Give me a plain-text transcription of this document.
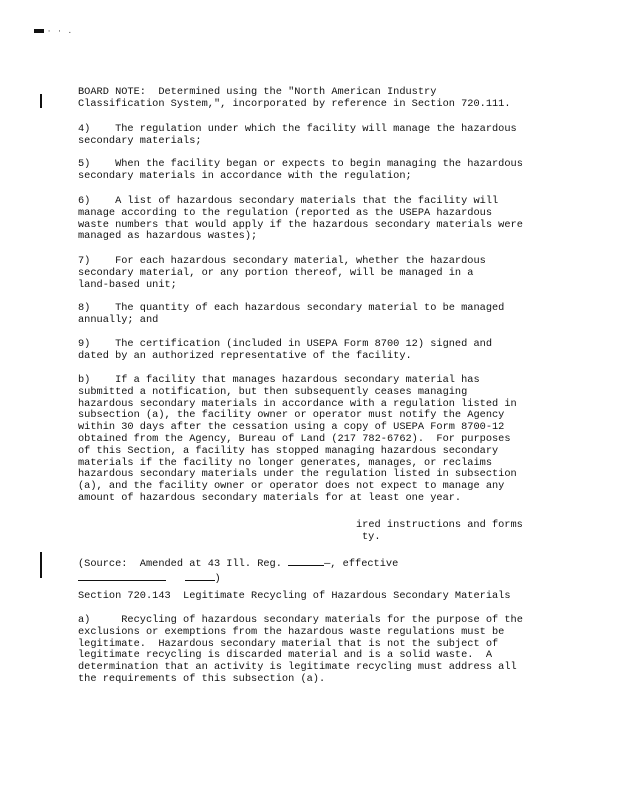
· · .
BOARD NOTE:  Determined using the "North American Industry
Classification System,", incorporated by reference in Section 720.111.
4)    The regulation under which the facility will manage the hazardous
secondary materials;
5)    When the facility began or expects to begin managing the hazardous
secondary materials in accordance with the regulation;
6)    A list of hazardous secondary materials that the facility will
manage according to the regulation (reported as the USEPA hazardous
waste numbers that would apply if the hazardous secondary materials were
managed as hazardous wastes);
7)    For each hazardous secondary material, whether the hazardous
secondary material, or any portion thereof, will be managed in a
land-based unit;
8)    The quantity of each hazardous secondary material to be managed
annually; and
9)    The certification (included in USEPA Form 8700 12) signed and
dated by an authorized representative of the facility.
b)    If a facility that manages hazardous secondary material has
submitted a notification, but then subsequently ceases managing
hazardous secondary materials in accordance with a regulation listed in
subsection (a), the facility owner or operator must notify the Agency
within 30 days after the cessation using a copy of USEPA Form 8700-12
obtained from the Agency, Bureau of Land (217 782-6762).  For purposes
of this Section, a facility has stopped managing hazardous secondary
materials if the facility no longer generates, manages, or reclaims
hazardous secondary materials under the regulation listed in subsection
(a), and the facility owner or operator does not expect to manage any
amount of hazardous secondary materials for at least one year.
ired instructions and forms
ty.
(Source:  Amended at 43 Ill. Reg.	—, effective
)
Section 720.143  Legitimate Recycling of Hazardous Secondary Materials
a)     Recycling of hazardous secondary materials for the purpose of the
exclusions or exemptions from the hazardous waste regulations must be
legitimate.  Hazardous secondary material that is not the subject of
legitimate recycling is discarded material and is a solid waste.  A
determination that an activity is legitimate recycling must address all
the requirements of this subsection (a).
